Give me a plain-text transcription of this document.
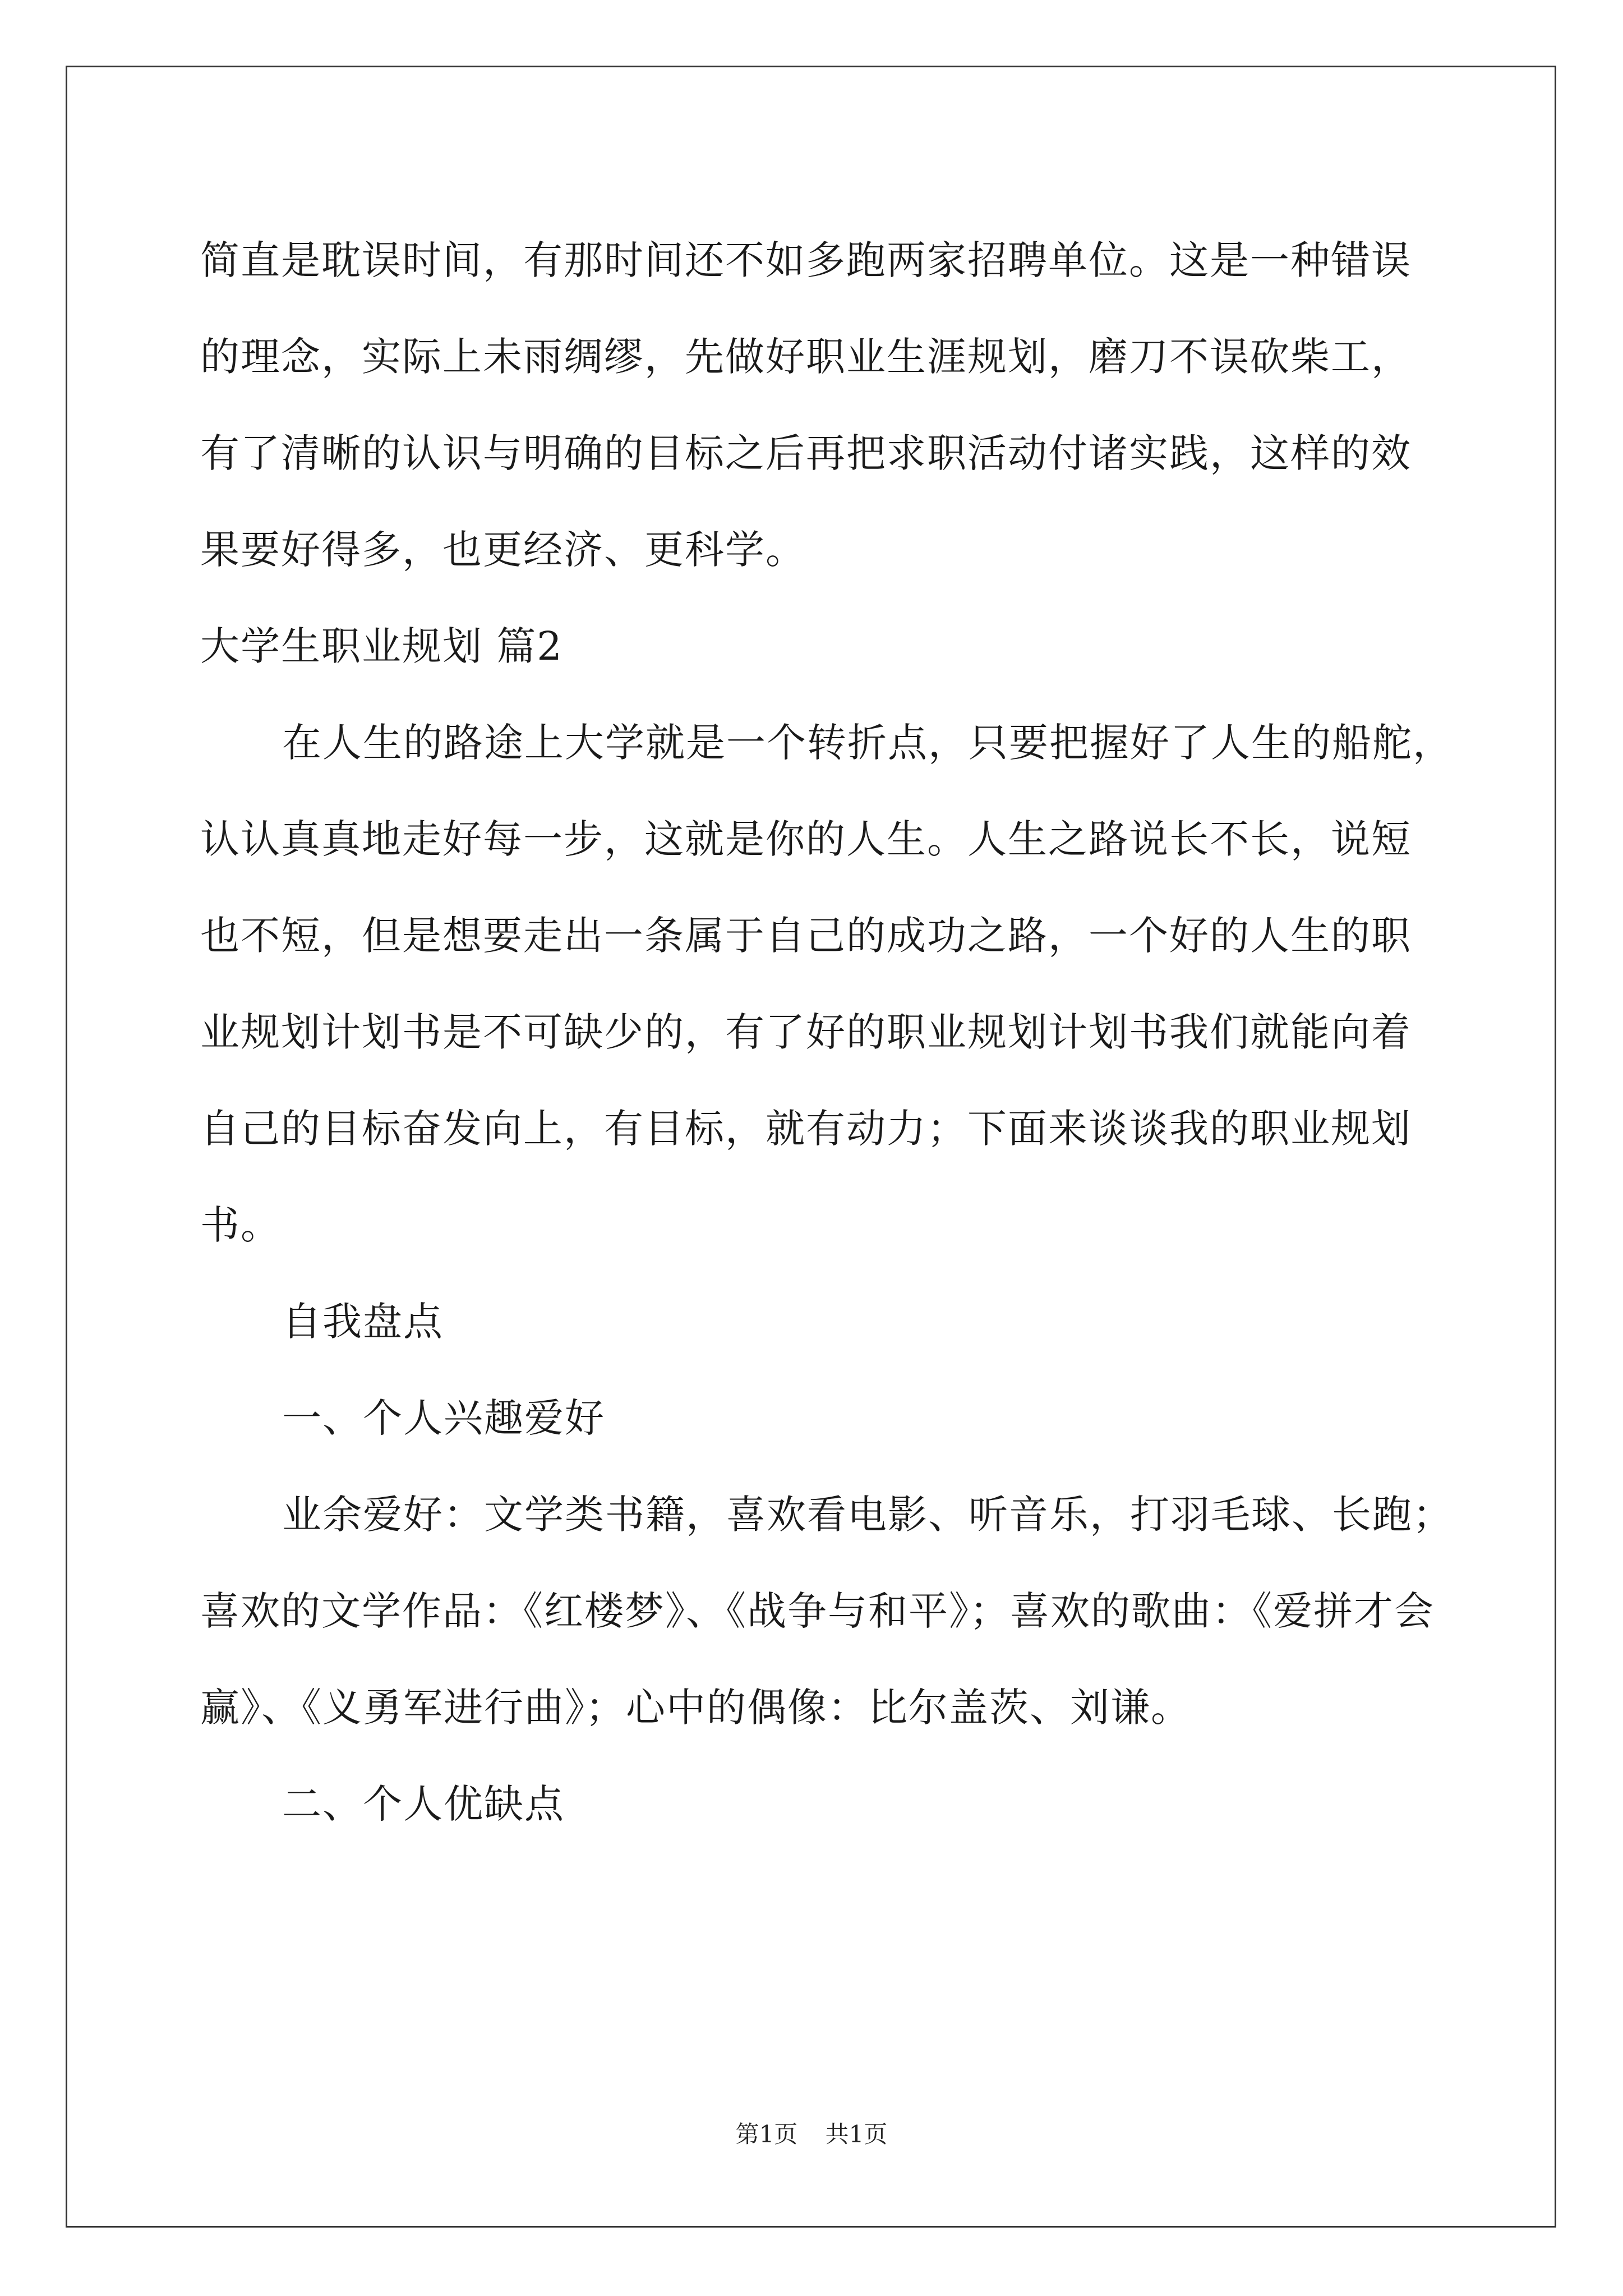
简直是耽误时间，有那时间还不如多跑两家招聘单位。这是一种错误
的理念，实际上未雨绸缪，先做好职业生涯规划，磨刀不误砍柴工，
有了清晰的认识与明确的目标之后再把求职活动付诸实践，这样的效
果要好得多，也更经济、更科学。
大学生职业规划 篇2
在人生的路途上大学就是一个转折点，只要把握好了人生的船舵，
认认真真地走好每一步，这就是你的人生。人生之路说长不长，说短
也不短，但是想要走出一条属于自己的成功之路，一个好的人生的职
业规划计划书是不可缺少的，有了好的职业规划计划书我们就能向着
自己的目标奋发向上，有目标，就有动力；下面来谈谈我的职业规划
书。
自我盘点
一、个人兴趣爱好
业余爱好：文学类书籍，喜欢看电影、听音乐，打羽毛球、长跑；
喜欢的文学作品：《红楼梦》、《战争与和平》；喜欢的歌曲：《爱拼才会
赢》、《义勇军进行曲》；心中的偶像：比尔盖茨、刘谦。
二、个人优缺点
第1页 共1页
